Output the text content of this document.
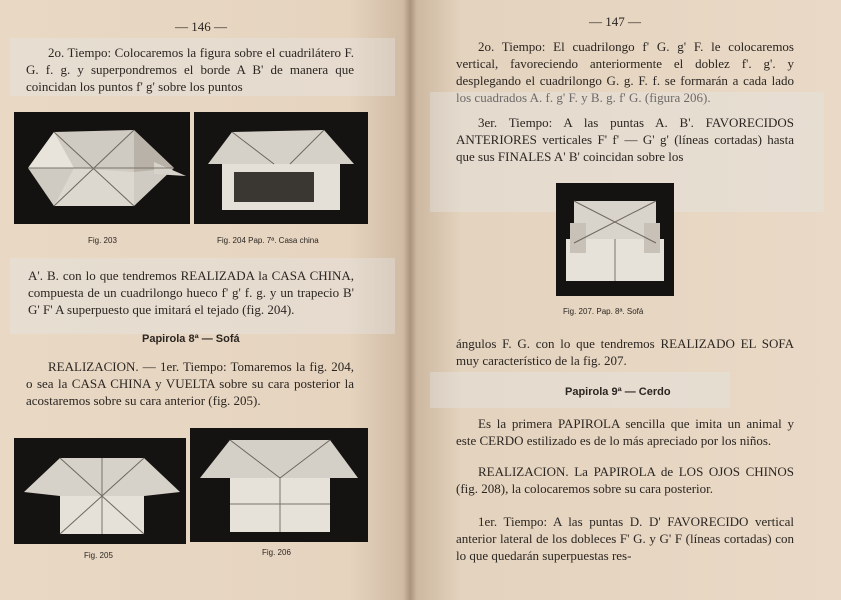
— 146 —

2o. Tiempo: Colocaremos la figura sobre el cuadrilátero F. G. f. g. y superpondremos el borde A B' de manera que coincidan los puntos f' g' sobre los puntos

Fig. 203	Fig. 204 Pap. 7ª. Casa china

A'. B. con lo que tendremos REALIZADA la CASA CHINA, compuesta de un cuadrilongo hueco f' g' f. g. y un trapecio B' G' F' A superpuesto que imitará el tejado (fig. 204).

Papirola 8ª — Sofá

REALIZACION. — 1er. Tiempo: Tomaremos la fig. 204, o sea la CASA CHINA y VUELTA sobre su cara posterior la acostaremos sobre su cara anterior (fig. 205).

Fig. 205	Fig. 206
— 147 —

2o. Tiempo: El cuadrilongo f' G. g' F. le colocaremos vertical, favoreciendo anteriormente el doblez f'. g'. y desplegando el cuadrilongo G. g. F. f. se formarán a cada lado los cuadrados A. f. g' F. y B. g. f' G. (figura 206).

3er. Tiempo: A las puntas A. B'. FAVORECIDOS ANTERIORES verticales F' f' — G' g' (líneas cortadas) hasta que sus FINALES A' B' coincidan sobre los

Fig. 207. Pap. 8ª. Sofá

ángulos F. G. con lo que tendremos REALIZADO EL SOFA muy característico de la fig. 207.

Papirola 9ª — Cerdo

Es la primera PAPIROLA sencilla que imita un animal y este CERDO estilizado es de lo más apreciado por los niños.

REALIZACION. La PAPIROLA de LOS OJOS CHINOS (fig. 208), la colocaremos sobre su cara posterior.

1er. Tiempo: A las puntas D. D' FAVORECIDO vertical anterior lateral de los dobleces F' G. y G' F (líneas cortadas) con lo que quedarán superpuestas res-
